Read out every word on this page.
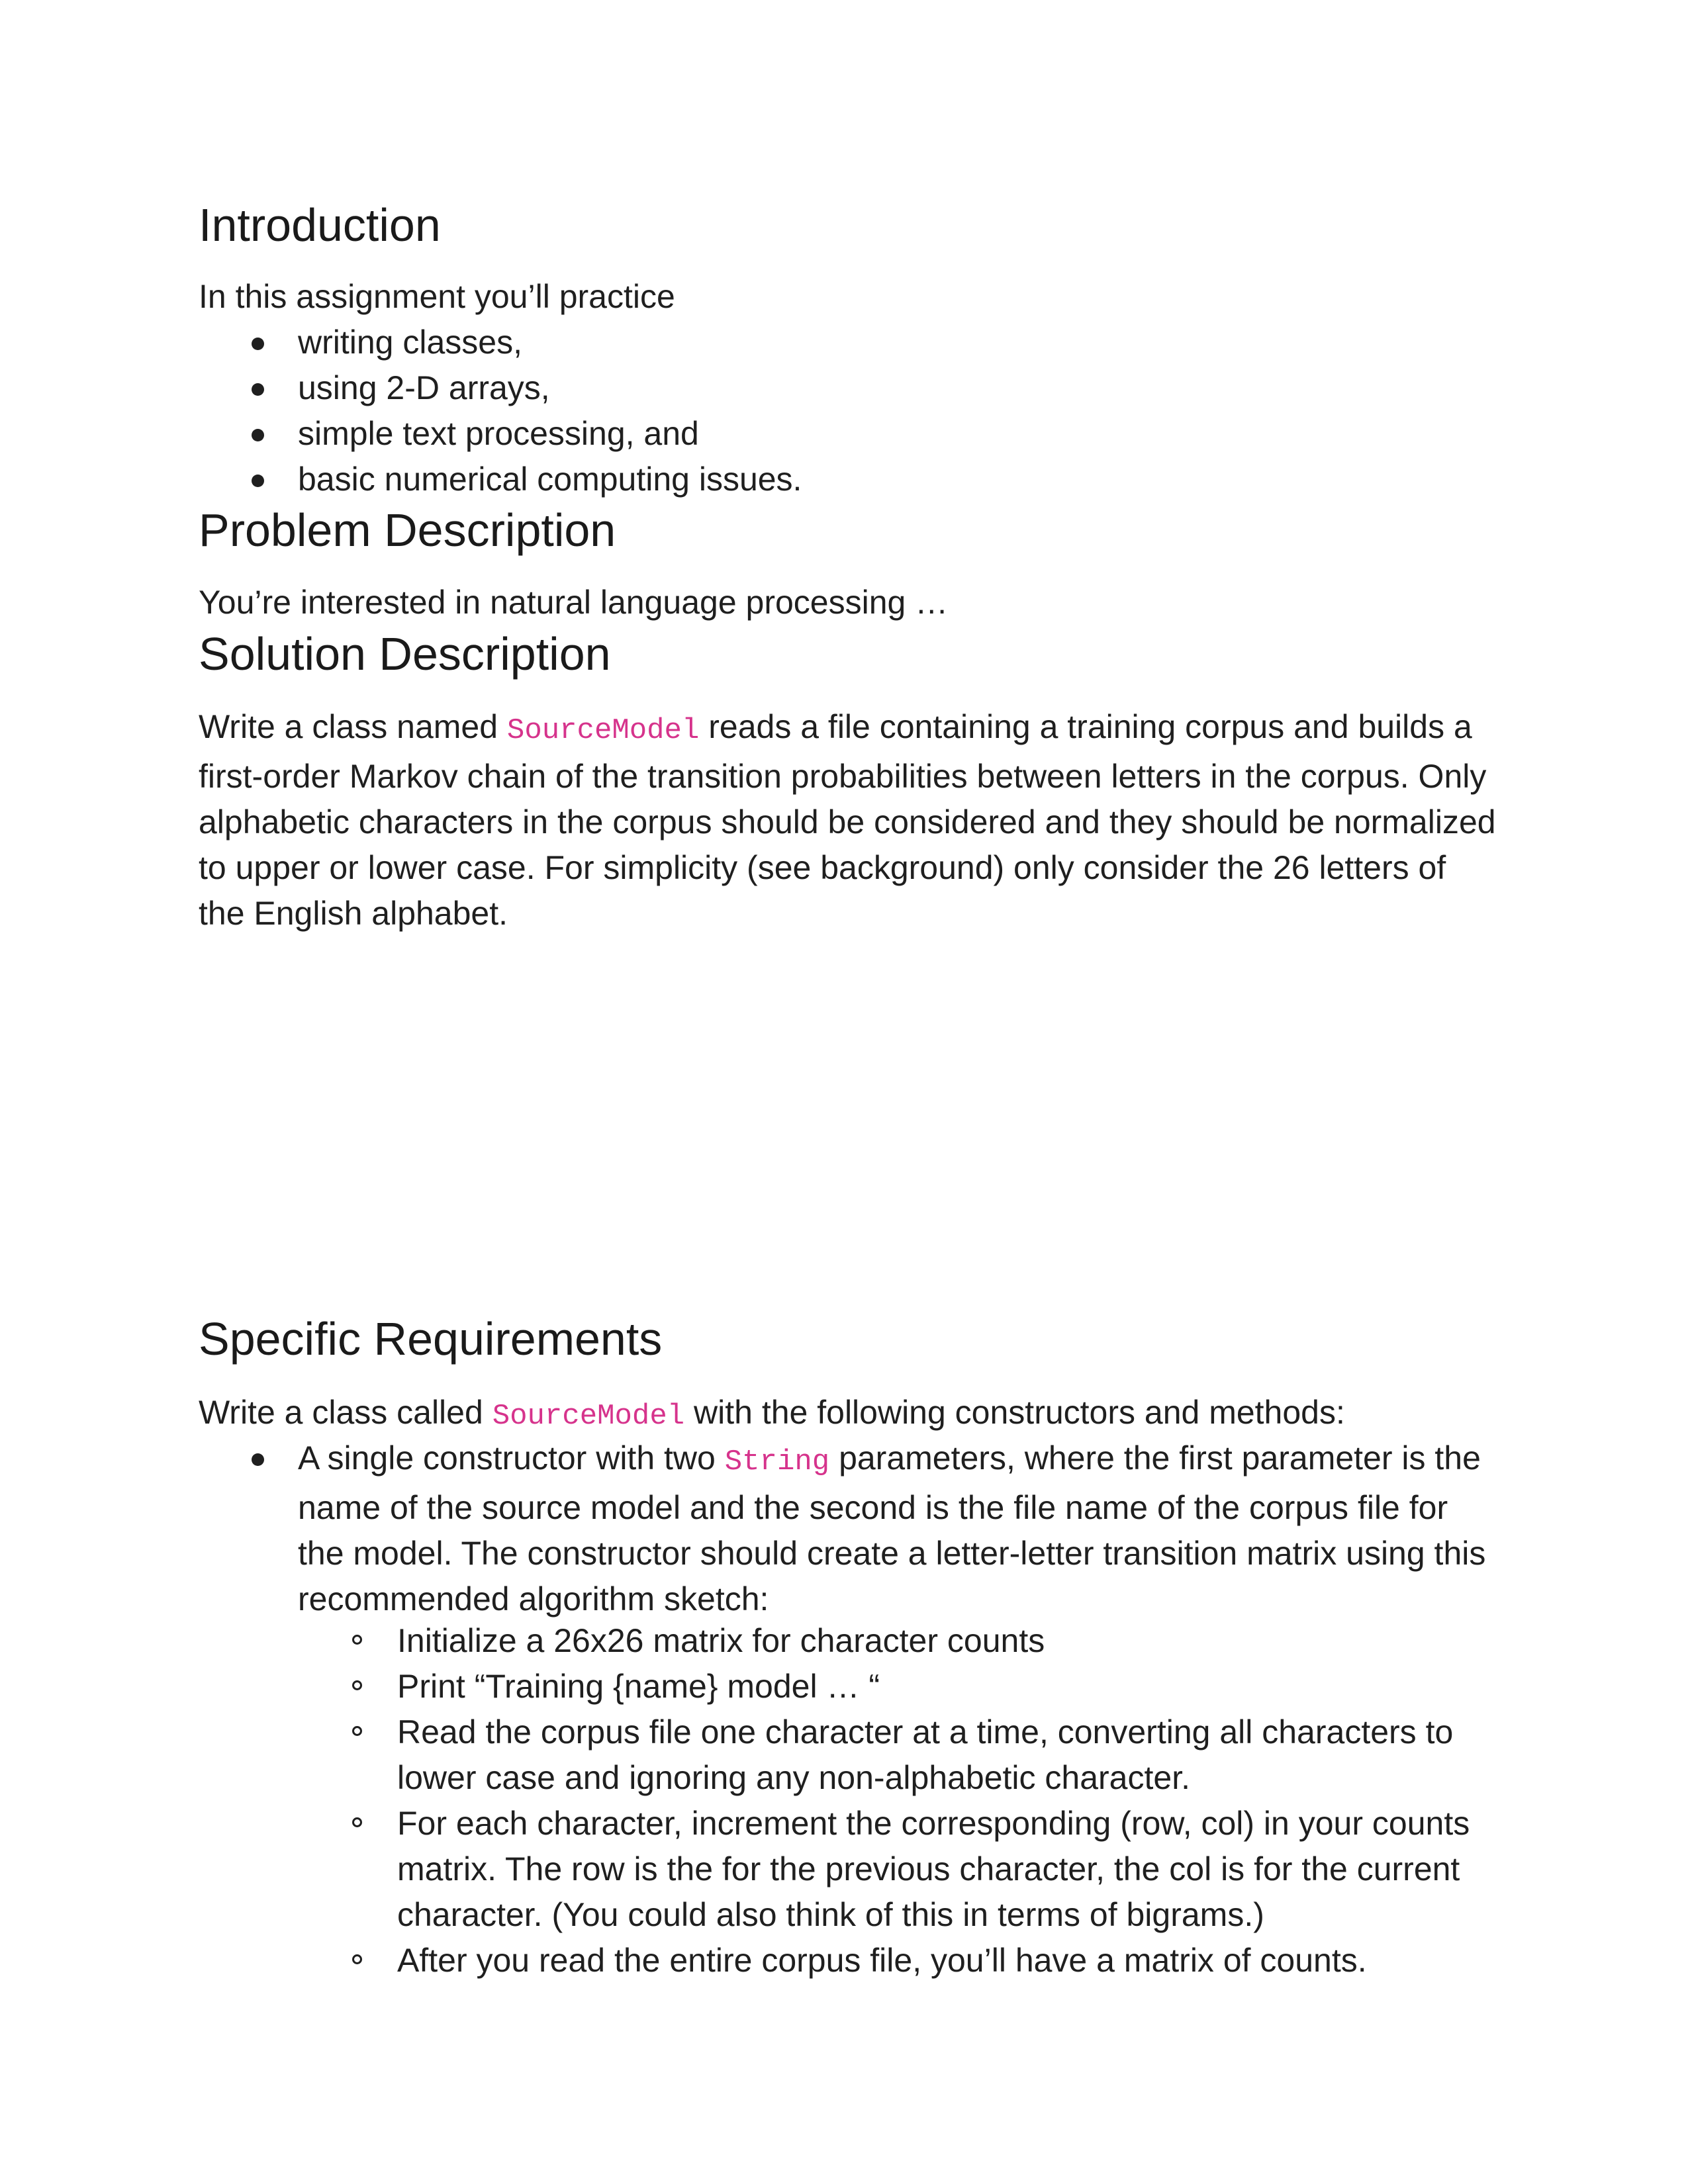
Introduction

In this assignment you’ll practice

writing classes,
using 2-D arrays,
simple text processing, and
basic numerical computing issues.
Problem Description

You’re interested in natural language processing …

Solution Description

Write a class named SourceModel reads a file containing a training corpus and builds a first-order Markov chain of the transition probabilities between letters in the corpus. Only alphabetic characters in the corpus should be considered and they should be normalized to upper or lower case. For simplicity (see background) only consider the 26 letters of the English alphabet.

Specific Requirements

Write a class called SourceModel with the following constructors and methods:

A single constructor with two String parameters, where the first parameter is the name of the source model and the second is the file name of the corpus file for the model. The constructor should create a letter-letter transition matrix using this recommended algorithm sketch:
Initialize a 26x26 matrix for character counts
Print “Training {name} model … “
Read the corpus file one character at a time, converting all characters to lower case and ignoring any non-alphabetic character.
For each character, increment the corresponding (row, col) in your counts matrix. The row is the for the previous character, the col is for the current character. (You could also think of this in terms of bigrams.)
After you read the entire corpus file, you’ll have a matrix of counts.
